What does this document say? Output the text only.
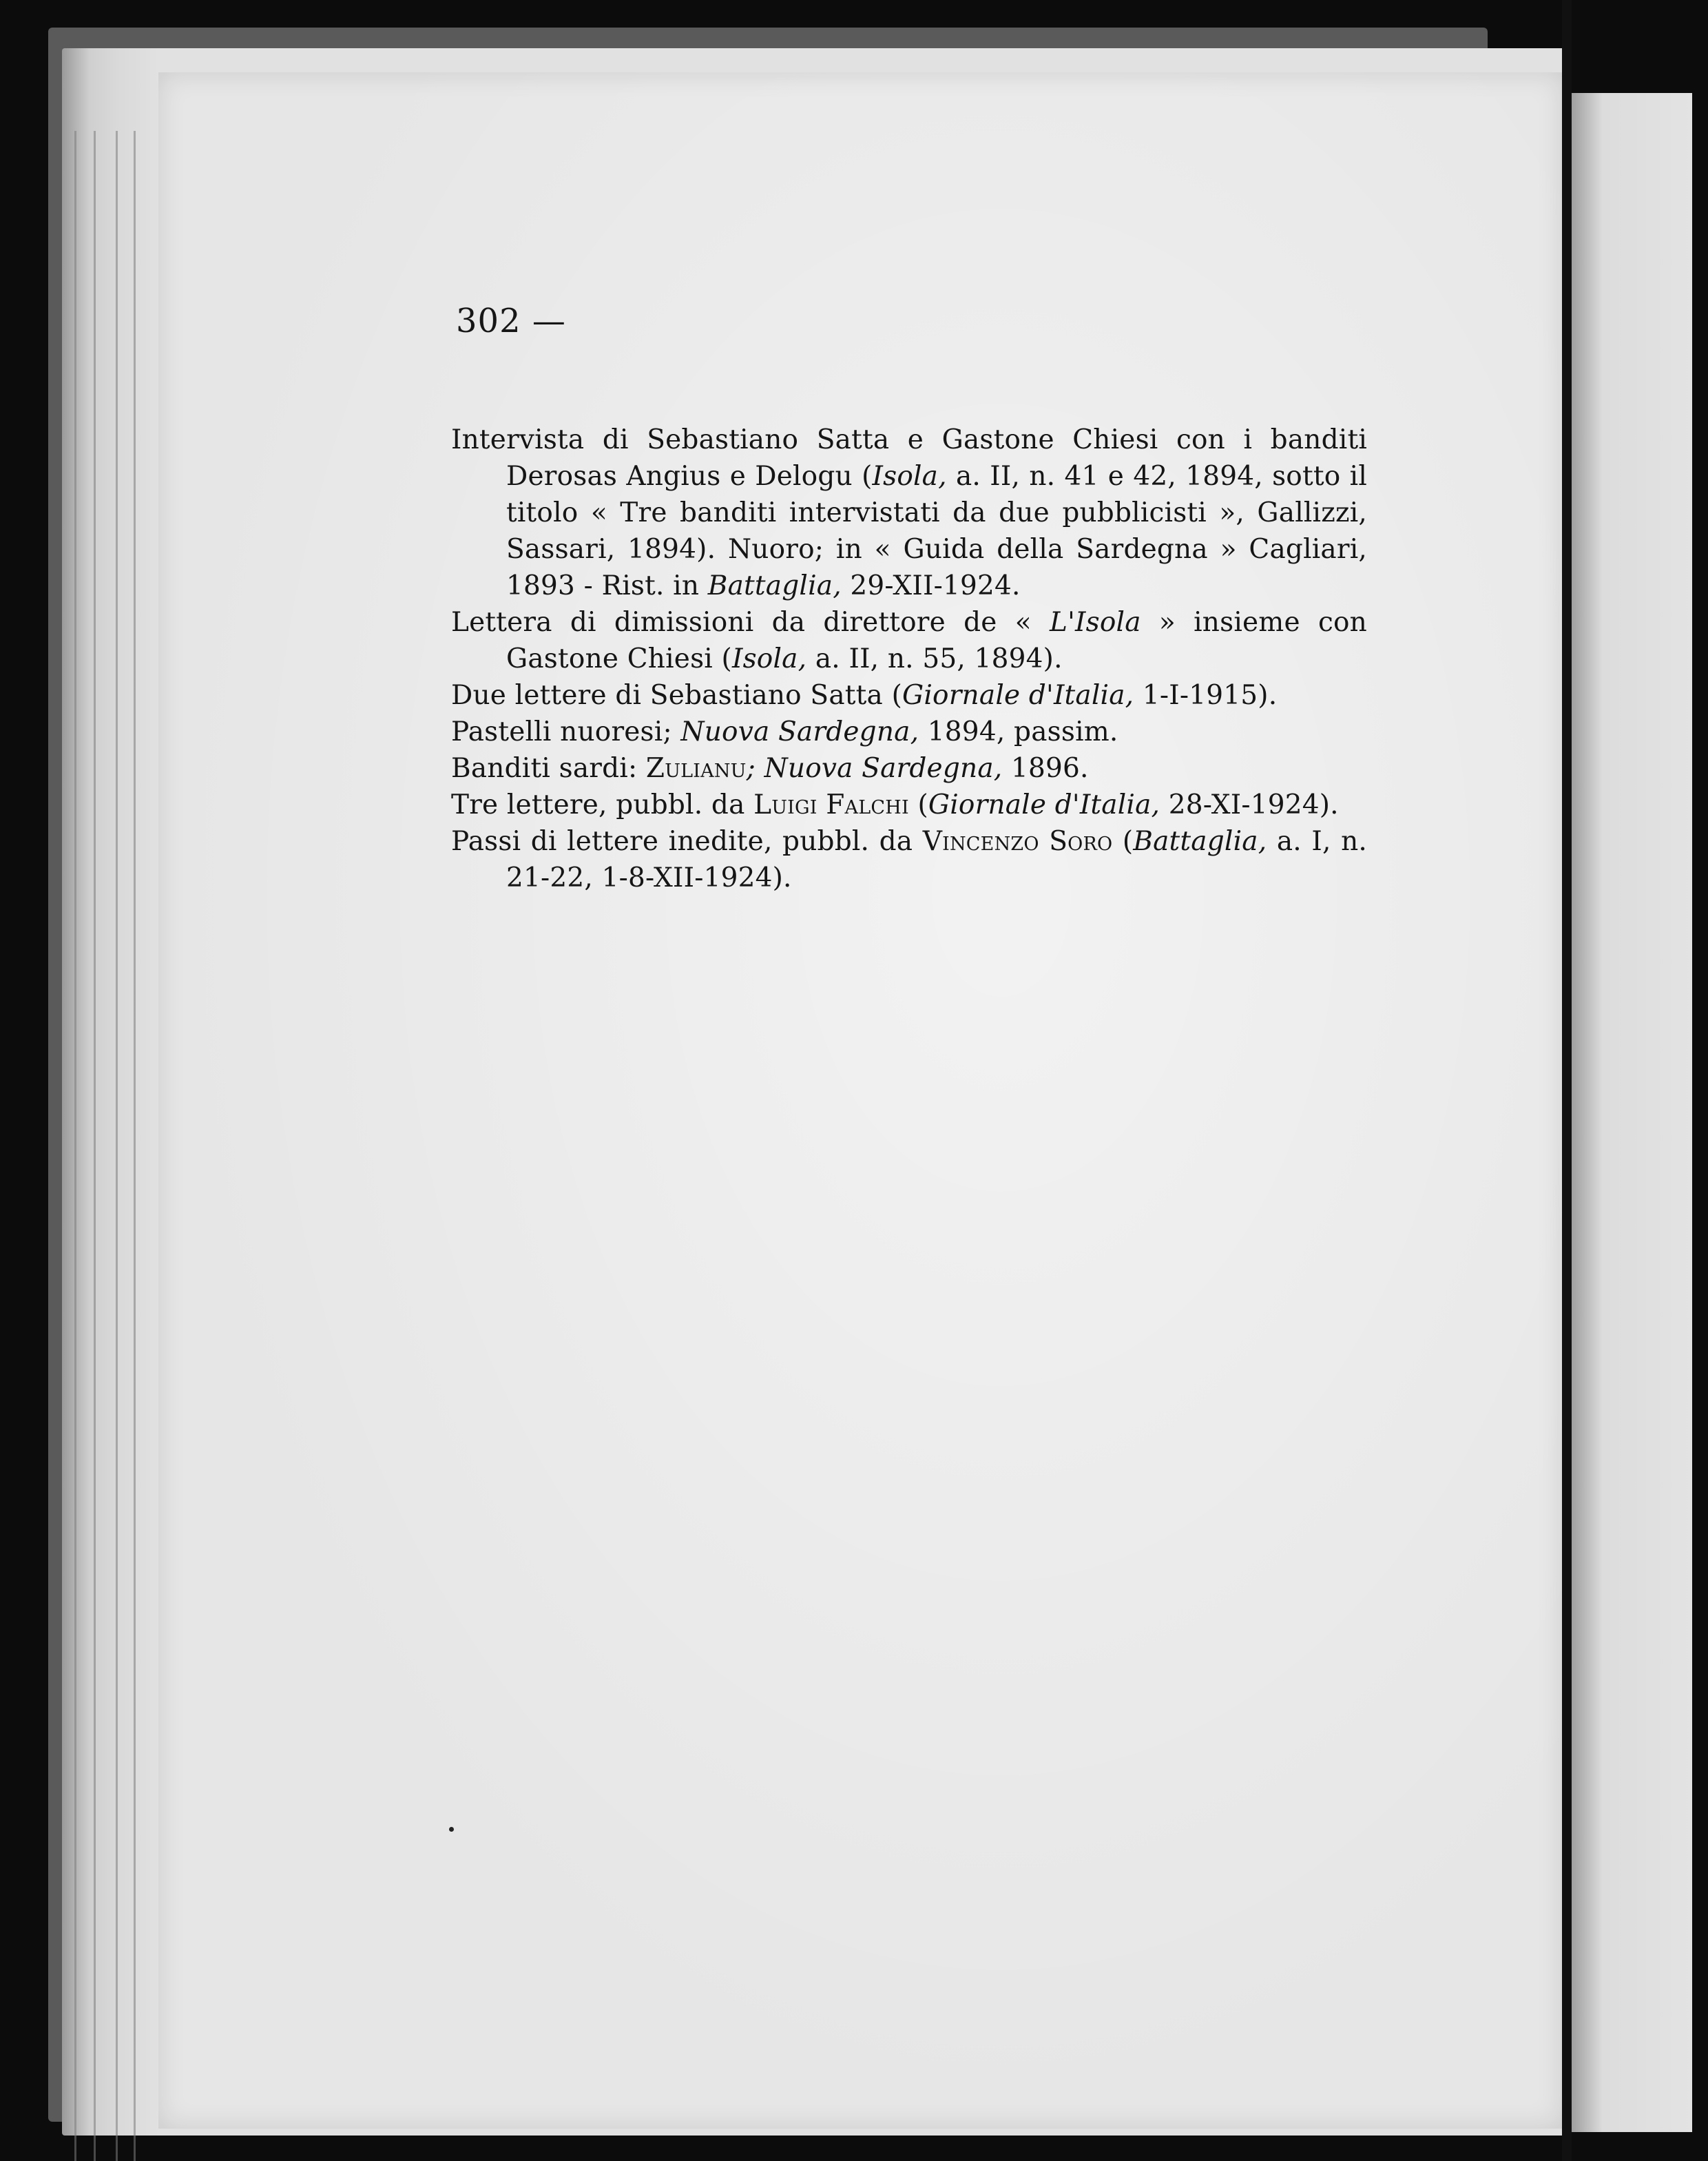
302 —

Intervista di Sebastiano Satta e Gastone Chiesi con i banditi Derosas Angius e Delogu (Isola, a. II, n. 41 e 42, 1894, sotto il titolo « Tre banditi intervistati da due pubblicisti », Gallizzi, Sassari, 1894). Nuoro; in « Guida della Sardegna » Cagliari, 1893 - Rist. in Battaglia, 29-XII-1924.
Lettera di dimissioni da direttore de « L'Isola » insieme con Gastone Chiesi (Isola, a. II, n. 55, 1894).
Due lettere di Sebastiano Satta (Giornale d'Italia, 1-I-1915).
Pastelli nuoresi; Nuova Sardegna, 1894, passim.
Banditi sardi: Zulianu; Nuova Sardegna, 1896.
Tre lettere, pubbl. da Luigi Falchi (Giornale d'Italia, 28-XI-1924).
Passi di lettere inedite, pubbl. da Vincenzo Soro (Battaglia, a. I, n. 21-22, 1-8-XII-1924).
